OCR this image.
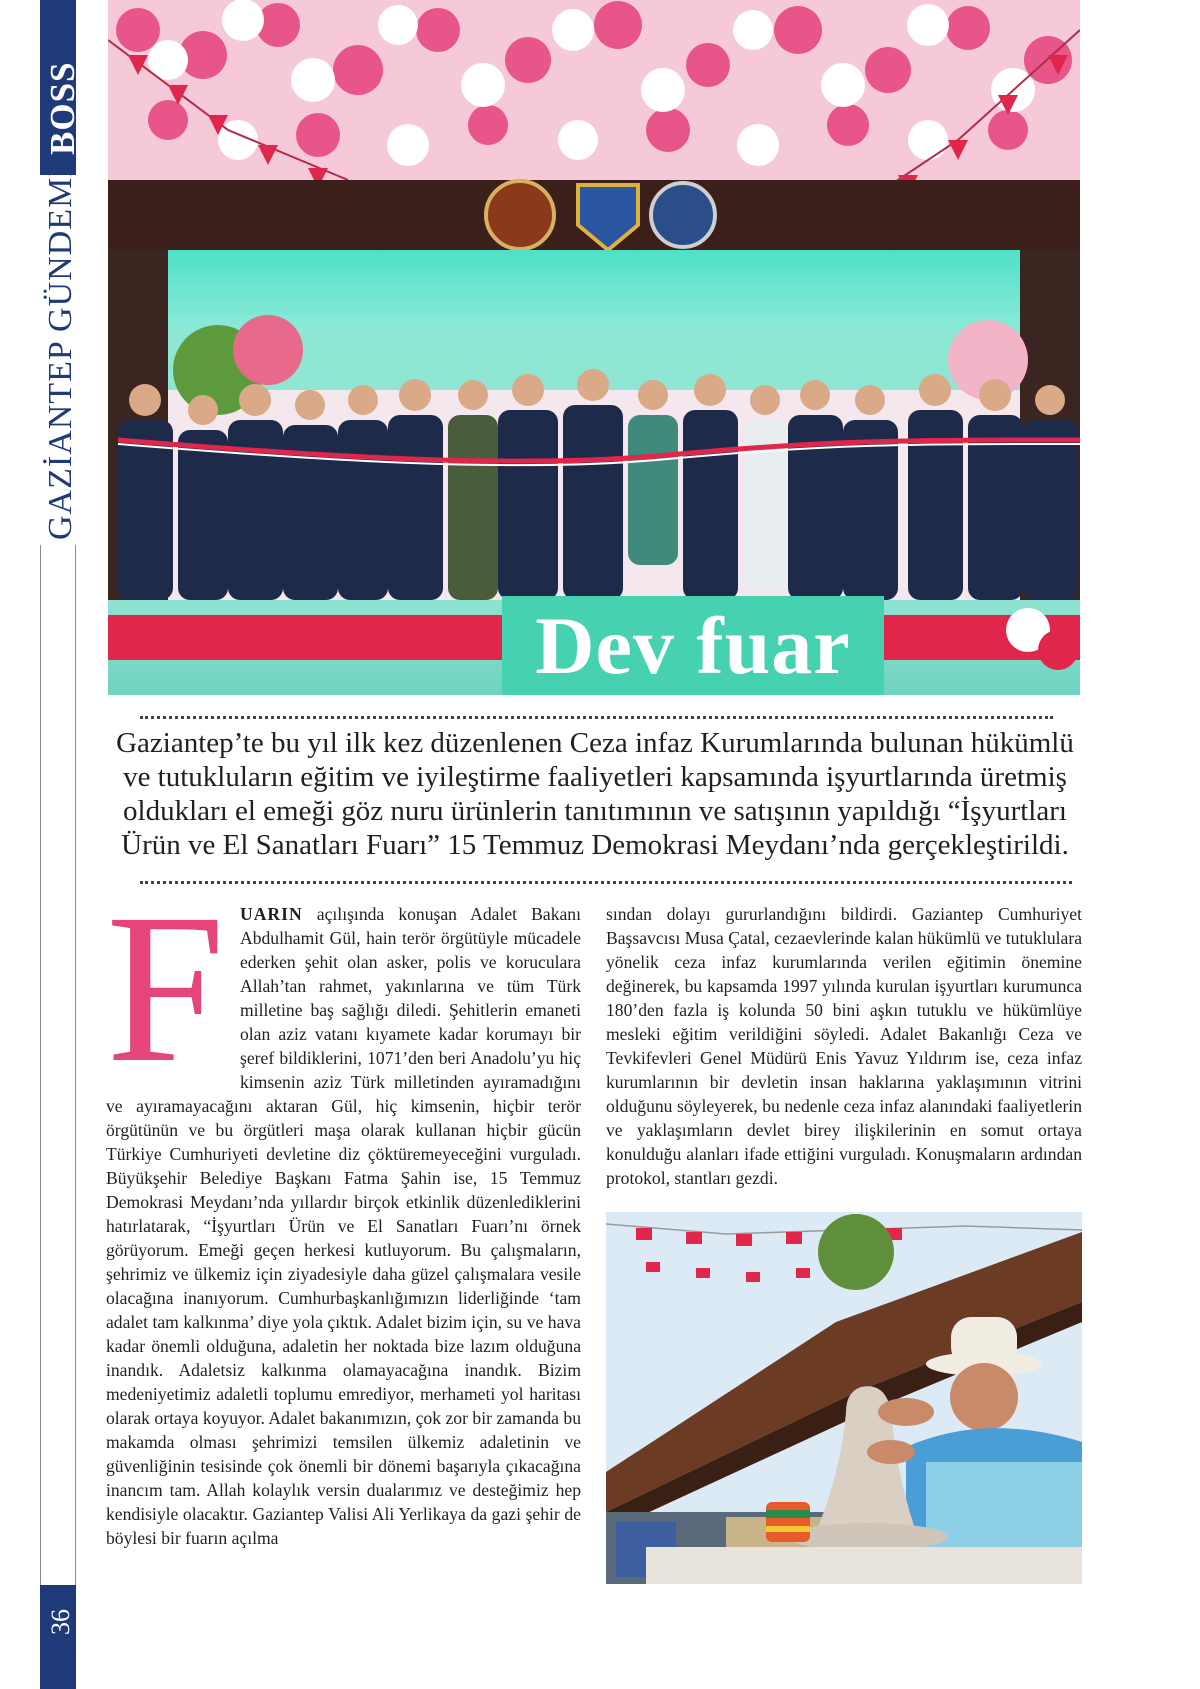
BOSS
GAZİANTEP GÜNDEMİ
36
Dev fuar

Gaziantep’te bu yıl ilk kez düzenlenen Ceza infaz Kurumlarında bulunan hükümlü ve tutukluların eğitim ve iyileştirme faaliyetleri kapsamında işyurtlarında üretmiş oldukları el emeği göz nuru ürünlerin tanıtımının ve satışının yapıldığı “İşyurtları Ürün ve El Sanatları Fuarı” 15 Temmuz Demokrasi Meydanı’nda gerçekleştirildi.

F UARIN açılışında konuşan Adalet Bakanı Abdulhamit Gül, hain terör örgütüyle mücadele ederken şehit olan asker, polis ve koruculara Allah’tan rahmet, yakınlarına ve tüm Türk milletine baş sağlığı diledi. Şehitlerin emaneti olan aziz vatanı kıyamete kadar korumayı bir şeref bildiklerini, 1071’den beri Anadolu’yu hiç kimsenin aziz Türk milletinden ayıramadığını ve ayıramayacağını aktaran Gül, hiç kimsenin, hiçbir terör örgütünün ve bu örgütleri maşa olarak kullanan hiçbir gücün Türkiye Cumhuriyeti devletine diz çöktüremeyeceğini vurguladı. Büyükşehir Belediye Başkanı Fatma Şahin ise, 15 Temmuz Demokrasi Meydanı’nda yıllardır birçok etkinlik düzenlediklerini hatırlatarak, “İşyurtları Ürün ve El Sanatları Fuarı’nı örnek görüyorum. Emeği geçen herkesi kutluyorum. Bu çalışmaların, şehrimiz ve ülkemiz için ziyadesiyle daha güzel çalışmalara vesile olacağına inanıyorum. Cumhurbaşkanlığımızın liderliğinde ‘tam adalet tam kalkınma’ diye yola çıktık. Adalet bizim için, su ve hava kadar önemli olduğuna, adaletin her noktada bize lazım olduğuna inandık. Adaletsiz kalkınma olamayacağına inandık. Bizim medeniyetimiz adaletli toplumu emrediyor, merhameti yol haritası olarak ortaya koyuyor. Adalet bakanımızın, çok zor bir zamanda bu makamda olması şehrimizi temsilen ülkemiz adaletinin ve güvenliğinin tesisinde çok önemli bir dönemi başarıyla çıkacağına inancım tam. Allah kolaylık versin dualarımız ve desteğimiz hep kendisiyle olacaktır. Gaziantep Valisi Ali Yerlikaya da gazi şehir de böylesi bir fuarın açılma

sından dolayı gururlandığını bildirdi. Gaziantep Cumhuriyet Başsavcısı Musa Çatal, cezaevlerinde kalan hükümlü ve tutuklulara yönelik ceza infaz kurumlarında verilen eğitimin önemine değinerek, bu kapsamda 1997 yılında kurulan işyurtları kurumunca 180’den fazla iş kolunda 50 bini aşkın tutuklu ve hükümlüye mesleki eğitim verildiğini söyledi. Adalet Bakanlığı Ceza ve Tevkifevleri Genel Müdürü Enis Yavuz Yıldırım ise, ceza infaz kurumlarının bir devletin insan haklarına yaklaşımının vitrini olduğunu söyleyerek, bu nedenle ceza infaz alanındaki faaliyetlerin ve yaklaşımların devlet birey ilişkilerinin en somut ortaya konulduğu alanları ifade ettiğini vurguladı. Konuşmaların ardından protokol, stantları gezdi.
